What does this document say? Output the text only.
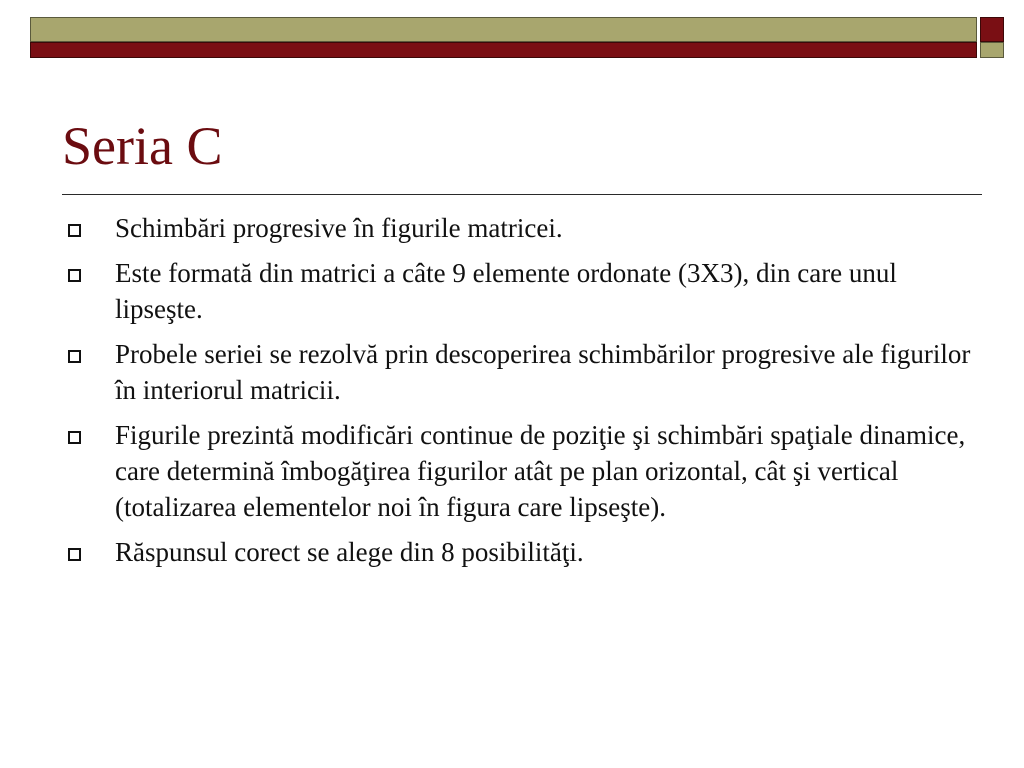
Seria C
Schimbări progresive în figurile matricei.
Este formată din matrici a câte 9 elemente ordonate (3X3), din care unul lipseşte.
Probele seriei se rezolvă prin descoperirea schimbărilor progresive ale figurilor în interiorul matricii.
Figurile prezintă modificări continue de poziţie şi schimbări spaţiale dinamice, care determină îmbogăţirea figurilor atât pe plan orizontal, cât şi vertical (totalizarea elementelor noi în figura care lipseşte).
Răspunsul corect se alege din 8 posibilităţi.
